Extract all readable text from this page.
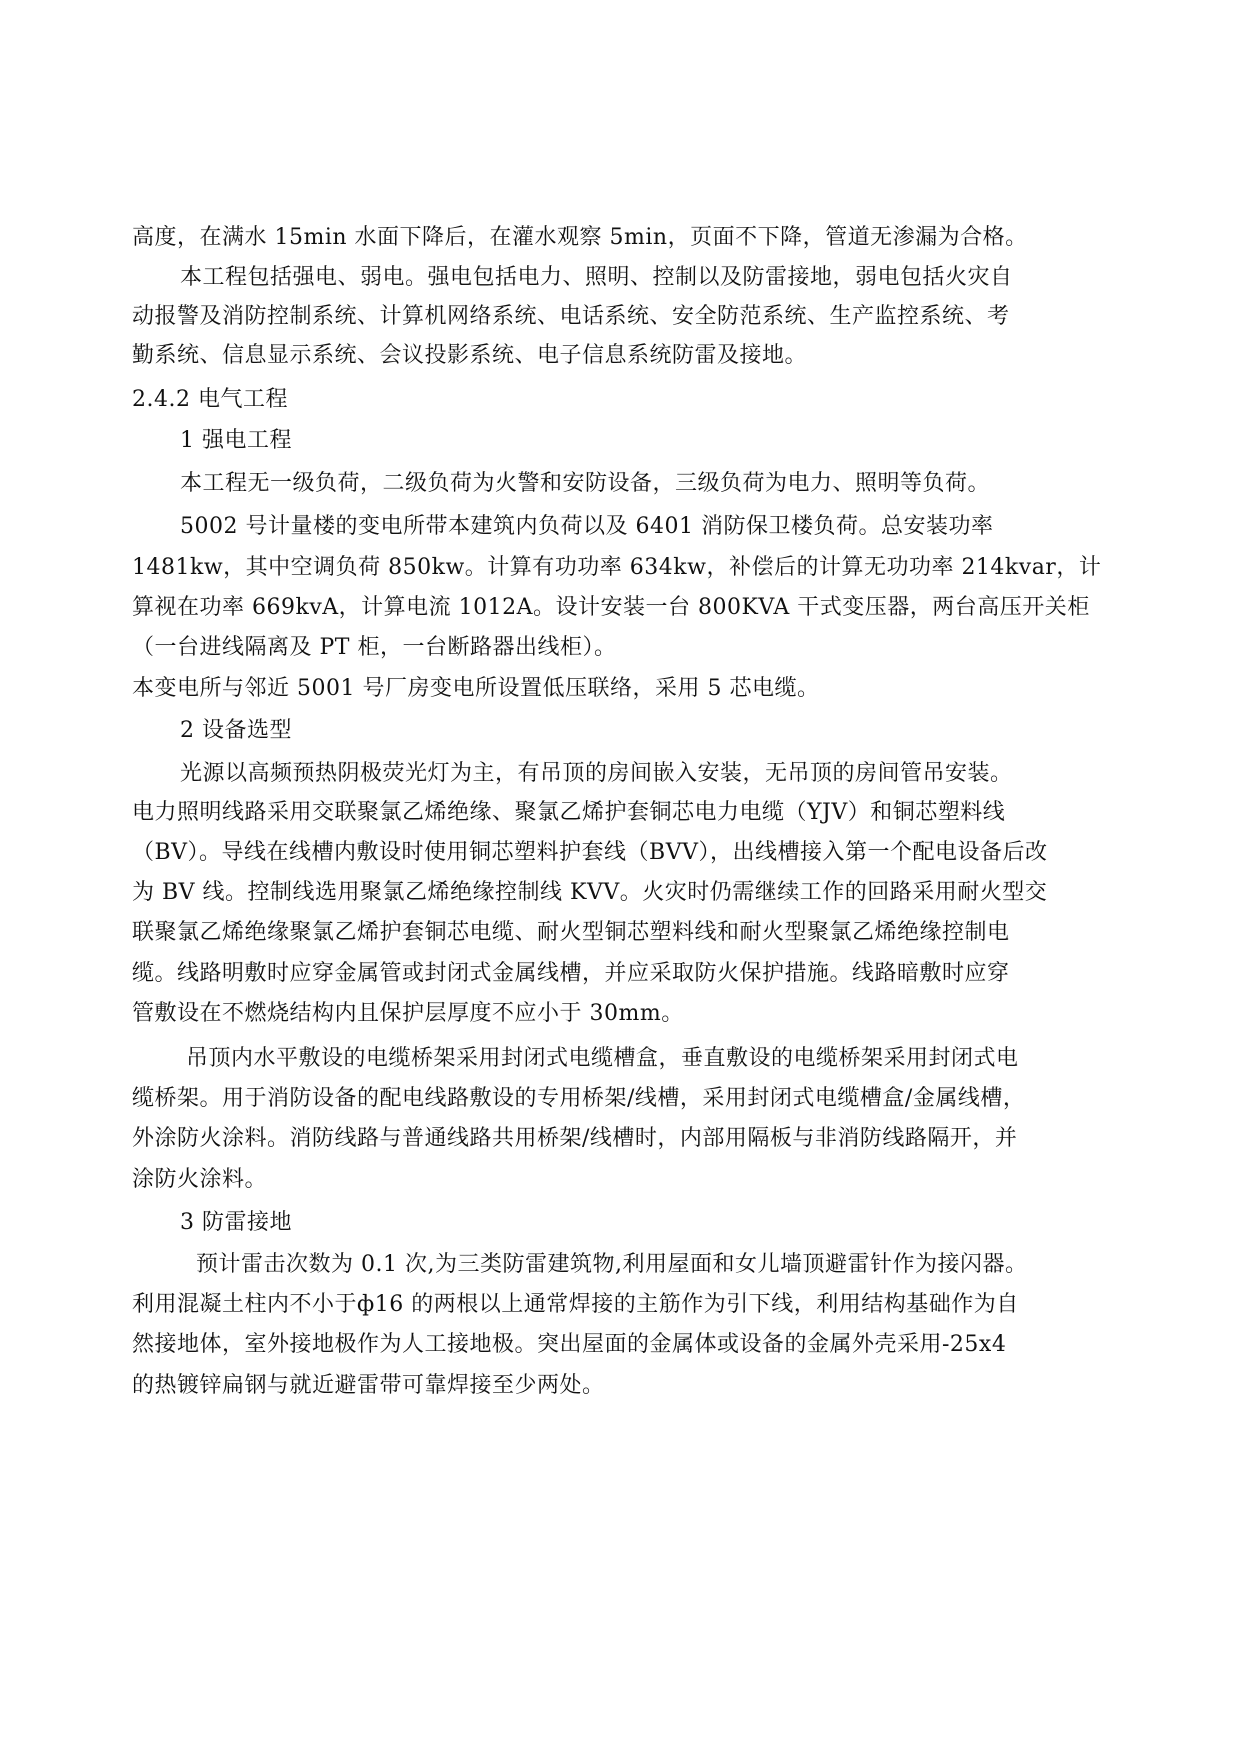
高度，在满水 15min 水面下降后，在灌水观察 5min，页面不下降，管道无渗漏为合格。

本工程包括强电、弱电。强电包括电力、照明、控制以及防雷接地，弱电包括火灾自

动报警及消防控制系统、计算机网络系统、电话系统、安全防范系统、生产监控系统、考

勤系统、信息显示系统、会议投影系统、电子信息系统防雷及接地。

2.4.2 电气工程

1 强电工程

本工程无一级负荷，二级负荷为火警和安防设备，三级负荷为电力、照明等负荷。

5002 号计量楼的变电所带本建筑内负荷以及 6401 消防保卫楼负荷。总安装功率

1481kw，其中空调负荷 850kw。计算有功功率 634kw，补偿后的计算无功功率 214kvar，计

算视在功率 669kvA，计算电流 1012A。设计安装一台 800KVA 干式变压器，两台高压开关柜

（一台进线隔离及 PT 柜，一台断路器出线柜）。

本变电所与邻近 5001 号厂房变电所设置低压联络，采用 5 芯电缆。

2 设备选型

光源以高频预热阴极荧光灯为主，有吊顶的房间嵌入安装，无吊顶的房间管吊安装。

电力照明线路采用交联聚氯乙烯绝缘、聚氯乙烯护套铜芯电力电缆（YJV）和铜芯塑料线

（BV）。导线在线槽内敷设时使用铜芯塑料护套线（BVV），出线槽接入第一个配电设备后改

为 BV 线。控制线选用聚氯乙烯绝缘控制线 KVV。火灾时仍需继续工作的回路采用耐火型交

联聚氯乙烯绝缘聚氯乙烯护套铜芯电缆、耐火型铜芯塑料线和耐火型聚氯乙烯绝缘控制电

缆。线路明敷时应穿金属管或封闭式金属线槽，并应采取防火保护措施。线路暗敷时应穿

管敷设在不燃烧结构内且保护层厚度不应小于 30mm。

吊顶内水平敷设的电缆桥架采用封闭式电缆槽盒，垂直敷设的电缆桥架采用封闭式电

缆桥架。用于消防设备的配电线路敷设的专用桥架/线槽，采用封闭式电缆槽盒/金属线槽，

外涂防火涂料。消防线路与普通线路共用桥架/线槽时，内部用隔板与非消防线路隔开，并

涂防火涂料。

3 防雷接地

预计雷击次数为 0.1 次,为三类防雷建筑物,利用屋面和女儿墙顶避雷针作为接闪器。

利用混凝土柱内不小于ф16 的两根以上通常焊接的主筋作为引下线，利用结构基础作为自

然接地体，室外接地极作为人工接地极。突出屋面的金属体或设备的金属外壳采用-25x4

的热镀锌扁钢与就近避雷带可靠焊接至少两处。
